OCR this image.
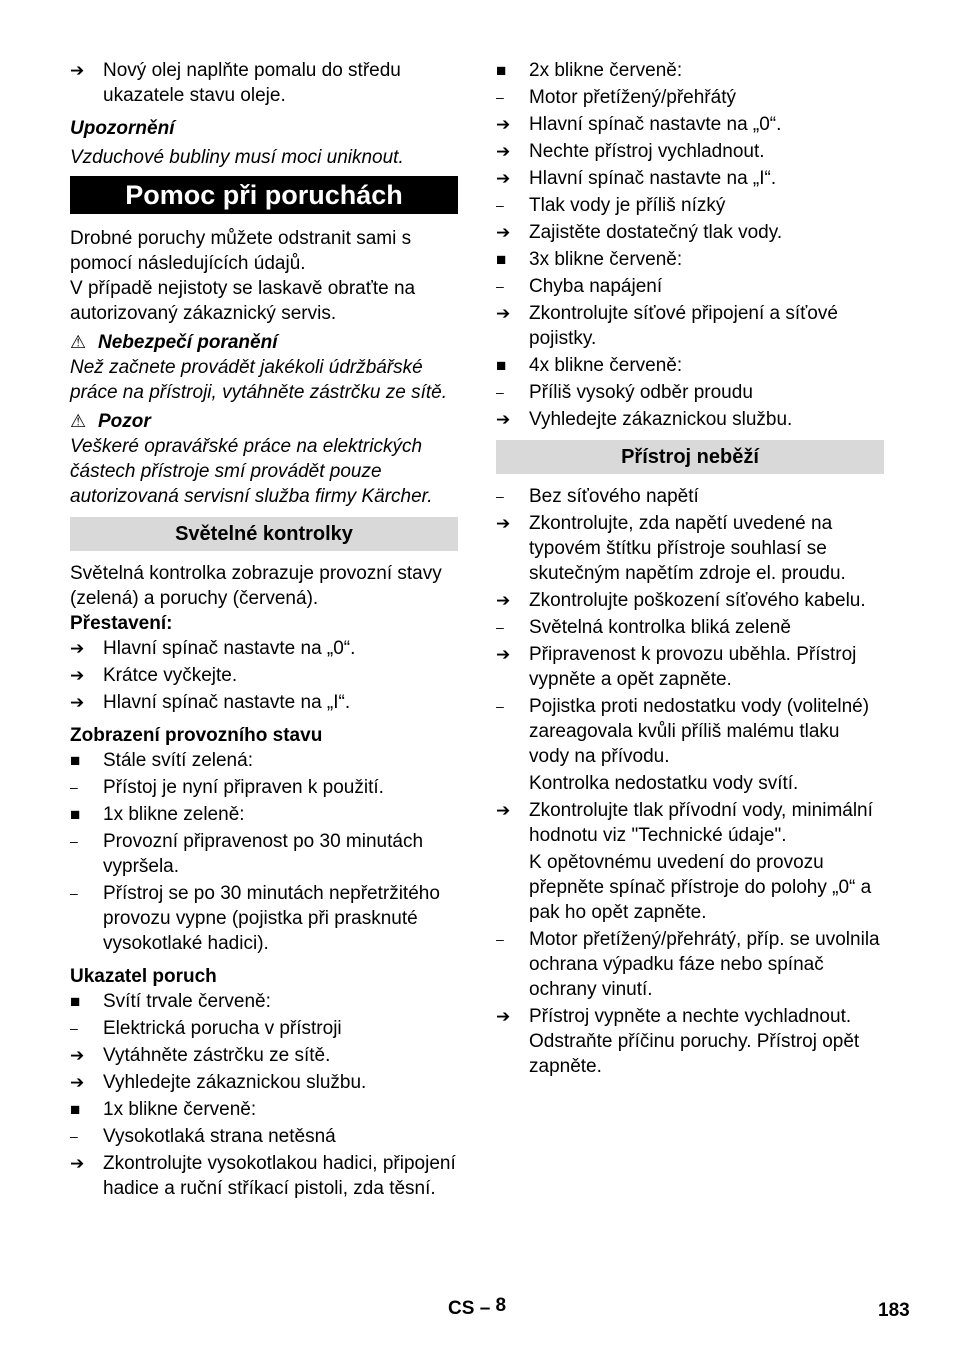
➔ Nový olej naplňte pomalu do středu ukazatele stavu oleje.
Upozornění
Vzduchové bubliny musí moci uniknout.
Pomoc při poruchách
Drobné poruchy můžete odstranit sami s pomocí následujících údajů.
V případě nejistoty se laskavě obraťte na autorizovaný zákaznický servis.
⚠ Nebezpečí poranění
Než začnete provádět jakékoli údržbářské práce na přístroji, vytáhněte zástrčku ze sítě.
⚠ Pozor
Veškeré opravářské práce na elektrických částech přístroje smí provádět pouze autorizovaná servisní služba firmy Kärcher.
Světelné kontrolky
Světelná kontrolka zobrazuje provozní stavy (zelená) a poruchy (červená).
Přestavení:
➔ Hlavní spínač nastavte na „0“.
➔ Krátce vyčkejte.
➔ Hlavní spínač nastavte na „I“.
Zobrazení provozního stavu
■	Stále svítí zelená:
–	Přístoj je nyní připraven k použití.
■	1x blikne zeleně:
–	Provozní připravenost po 30 minutách vypršela.
–	Přístroj se po 30 minutách nepřetržitého provozu vypne (pojistka při prasknuté vysokotlaké hadici).
Ukazatel poruch
■	Svítí trvale červeně:
–	Elektrická porucha v přístroji
➔ Vytáhněte zástrčku ze sítě.
➔ Vyhledejte zákaznickou službu.
■	1x blikne červeně:
–	Vysokotlaká strana netěsná
➔ Zkontrolujte vysokotlakou hadici, připojení hadice a ruční stříkací pistoli, zda těsní.
■	2x blikne červeně:
–	Motor přetížený/přehřátý
➔ Hlavní spínač nastavte na „0“.
➔ Nechte přístroj vychladnout.
➔ Hlavní spínač nastavte na „I“.
–	Tlak vody je příliš nízký
➔ Zajistěte dostatečný tlak vody.
■	3x blikne červeně:
–	Chyba napájení
➔ Zkontrolujte síťové připojení a síťové pojistky.
■	4x blikne červeně:
–	Příliš vysoký odběr proudu
➔ Vyhledejte zákaznickou službu.
Přístroj neběží
–	Bez síťového napětí
➔ Zkontrolujte, zda napětí uvedené na typovém štítku přístroje souhlasí se skutečným napětím zdroje el. proudu.
➔ Zkontrolujte poškození síťového kabelu.
–	Světelná kontrolka bliká zeleně
➔ Připravenost k provozu uběhla. Přístroj vypněte a opět zapněte.
–	Pojistka proti nedostatku vody (volitelné) zareagovala kvůli příliš malému tlaku vody na přívodu.
Kontrolka nedostatku vody svítí.
➔ Zkontrolujte tlak přívodní vody, minimální hodnotu viz "Technické údaje".
K opětovnému uvedení do provozu přepněte spínač přístroje do polohy „0“ a pak ho opět zapněte.
–	Motor přetížený/přehrátý, příp. se uvolnila ochrana výpadku fáze nebo spínač ochrany vinutí.
➔ Přístroj vypněte a nechte vychladnout. Odstraňte příčinu poruchy. Přístroj opět zapněte.
CS – 8	183
